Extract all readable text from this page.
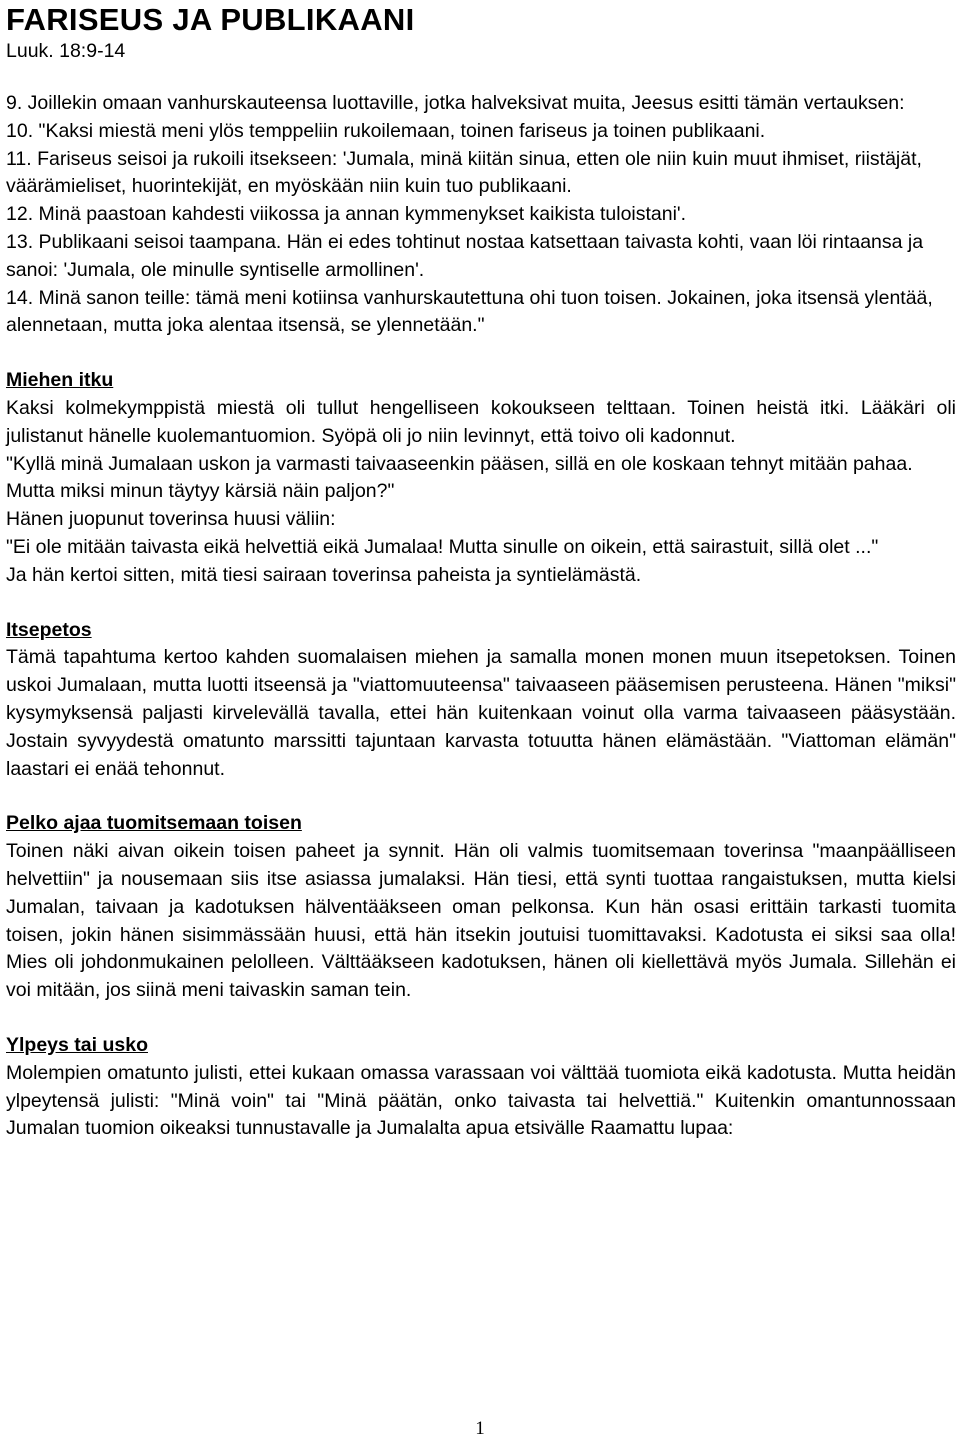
FARISEUS JA PUBLIKAANI

Luuk. 18:9-14

9. Joillekin omaan vanhurskauteensa luottaville, jotka halveksivat muita, Jeesus esitti tämän vertauksen:

10. "Kaksi miestä meni ylös temppeliin rukoilemaan, toinen fariseus ja toinen publikaani.

11. Fariseus seisoi ja rukoili itsekseen: 'Jumala, minä kiitän sinua, etten ole niin kuin muut ihmiset, riistäjät, väärämieliset, huorintekijät, en myöskään niin kuin tuo publikaani.

12. Minä paastoan kahdesti viikossa ja annan kymmenykset kaikista tuloistani'.

13. Publikaani seisoi taampana. Hän ei edes tohtinut nostaa katsettaan taivasta kohti, vaan löi rintaansa ja sanoi: 'Jumala, ole minulle syntiselle armollinen'.

14. Minä sanon teille: tämä meni kotiinsa vanhurskautettuna ohi tuon toisen. Jokainen, joka itsensä ylentää, alennetaan, mutta joka alentaa itsensä, se ylennetään."

Miehen itku

Kaksi kolmekymppistä miestä oli tullut hengelliseen kokoukseen telttaan. Toinen heistä itki. Lääkäri oli julistanut hänelle kuolemantuomion. Syöpä oli jo niin levinnyt, että toivo oli kadonnut.

"Kyllä minä Jumalaan uskon ja varmasti taivaaseenkin pääsen, sillä en ole koskaan tehnyt mitään pahaa. Mutta miksi minun täytyy kärsiä näin paljon?"

Hänen juopunut toverinsa huusi väliin:

"Ei ole mitään taivasta eikä helvettiä eikä Jumalaa! Mutta sinulle on oikein, että sairastuit, sillä olet ..."

Ja hän kertoi sitten, mitä tiesi sairaan toverinsa paheista ja syntielämästä.

Itsepetos

Tämä tapahtuma kertoo kahden suomalaisen miehen ja samalla monen monen muun itsepetoksen. Toinen uskoi Jumalaan, mutta luotti itseensä ja "viattomuuteensa" taivaaseen pääsemisen perusteena. Hänen "miksi" kysymyksensä paljasti kirvelevällä tavalla, ettei hän kuitenkaan voinut olla varma taivaaseen pääsystään. Jostain syvyydestä omatunto marssitti tajuntaan karvasta totuutta hänen elämästään. "Viattoman elämän" laastari ei enää tehonnut.

Pelko ajaa tuomitsemaan toisen

Toinen näki aivan oikein toisen paheet ja synnit. Hän oli valmis tuomitsemaan toverinsa "maanpäälliseen helvettiin" ja nousemaan siis itse asiassa jumalaksi. Hän tiesi, että synti tuottaa rangaistuksen, mutta kielsi Jumalan, taivaan ja kadotuksen hälventääkseen oman pelkonsa. Kun hän osasi erittäin tarkasti tuomita toisen, jokin hänen sisimmässään huusi, että hän itsekin joutuisi tuomittavaksi. Kadotusta ei siksi saa olla! Mies oli johdonmukainen pelolleen. Välttääkseen kadotuksen, hänen oli kiellettävä myös Jumala. Sillehän ei voi mitään, jos siinä meni taivaskin saman tein.

Ylpeys tai usko

Molempien omatunto julisti, ettei kukaan omassa varassaan voi välttää tuomiota eikä kadotusta. Mutta heidän ylpeytensä julisti: "Minä voin" tai "Minä päätän, onko taivasta tai helvettiä." Kuitenkin omantunnossaan Jumalan tuomion oikeaksi tunnustavalle ja Jumalalta apua etsivälle Raamattu lupaa:

1
